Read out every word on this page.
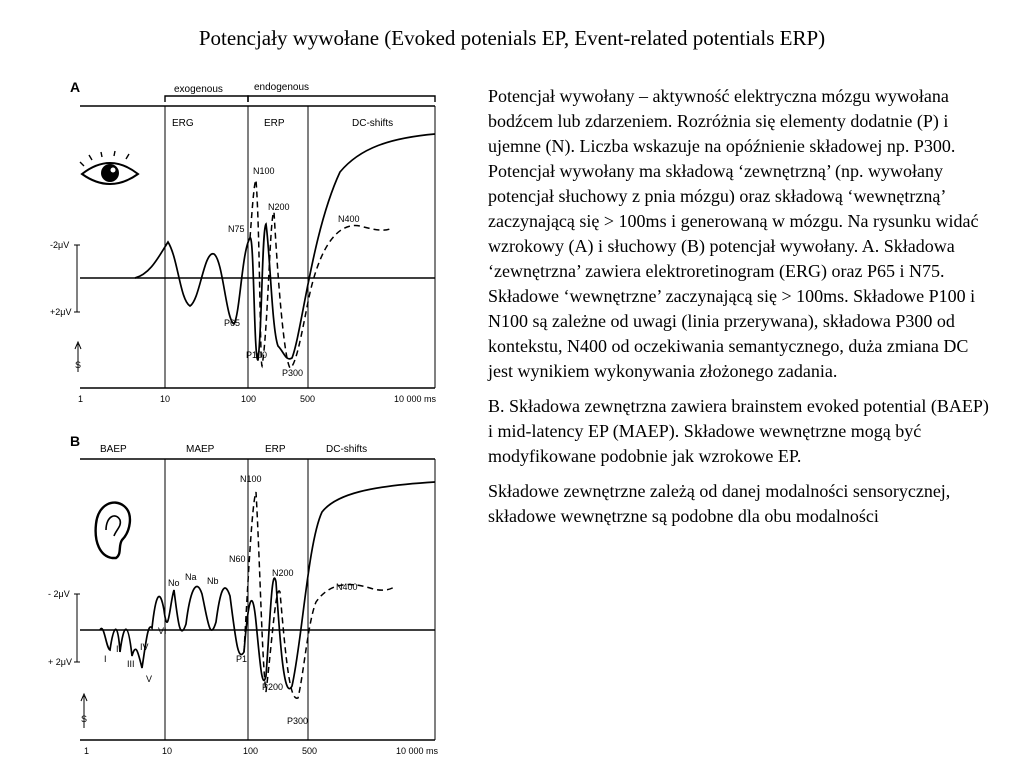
Potencjały wywołane (Evoked potenials EP, Event-related potentials ERP)
A	exogenous	endogenous
ERG	ERP	DC-shifts
-2μV
+2μV
S
N100
N200
N75
N400
P65
P100
P300
1	10	100	500	10 000 ms
B
BAEP	MAEP	ERP	DC-shifts
- 2μV
+ 2μV
S
N100
N200
N60
N400
No
Na Nb
I
II
III
IV
V
VI
P1
P200
P300
1	10	100	500	10 000 ms

Potencjał wywołany – aktywność elektryczna mózgu wywołana bodźcem lub zdarzeniem. Rozróżnia się elementy dodatnie (P) i ujemne (N). Liczba wskazuje na opóźnienie składowej np. P300. Potencjał wywołany ma składową ‘zewnętrzną’ (np. wywołany potencjał słuchowy z pnia mózgu) oraz składową ‘wewnętrzną’ zaczynającą się > 100ms i generowaną w mózgu. Na rysunku widać wzrokowy (A) i słuchowy (B) potencjał wywołany. A. Składowa ‘zewnętrzna’ zawiera elektroretinogram (ERG) oraz P65 i N75. Składowe ‘wewnętrzne’ zaczynającą się > 100ms. Składowe P100 i N100 są zależne od uwagi (linia przerywana), składowa P300 od kontekstu, N400 od oczekiwania semantycznego, duża zmiana DC jest wynikiem wykonywania złożonego zadania.

B. Składowa zewnętrzna zawiera brainstem evoked potential (BAEP) i mid-latency EP (MAEP). Składowe wewnętrzne mogą być modyfikowane podobnie jak wzrokowe EP.

Składowe zewnętrzne zależą od danej modalności sensorycznej, składowe wewnętrzne są podobne dla obu modalności
